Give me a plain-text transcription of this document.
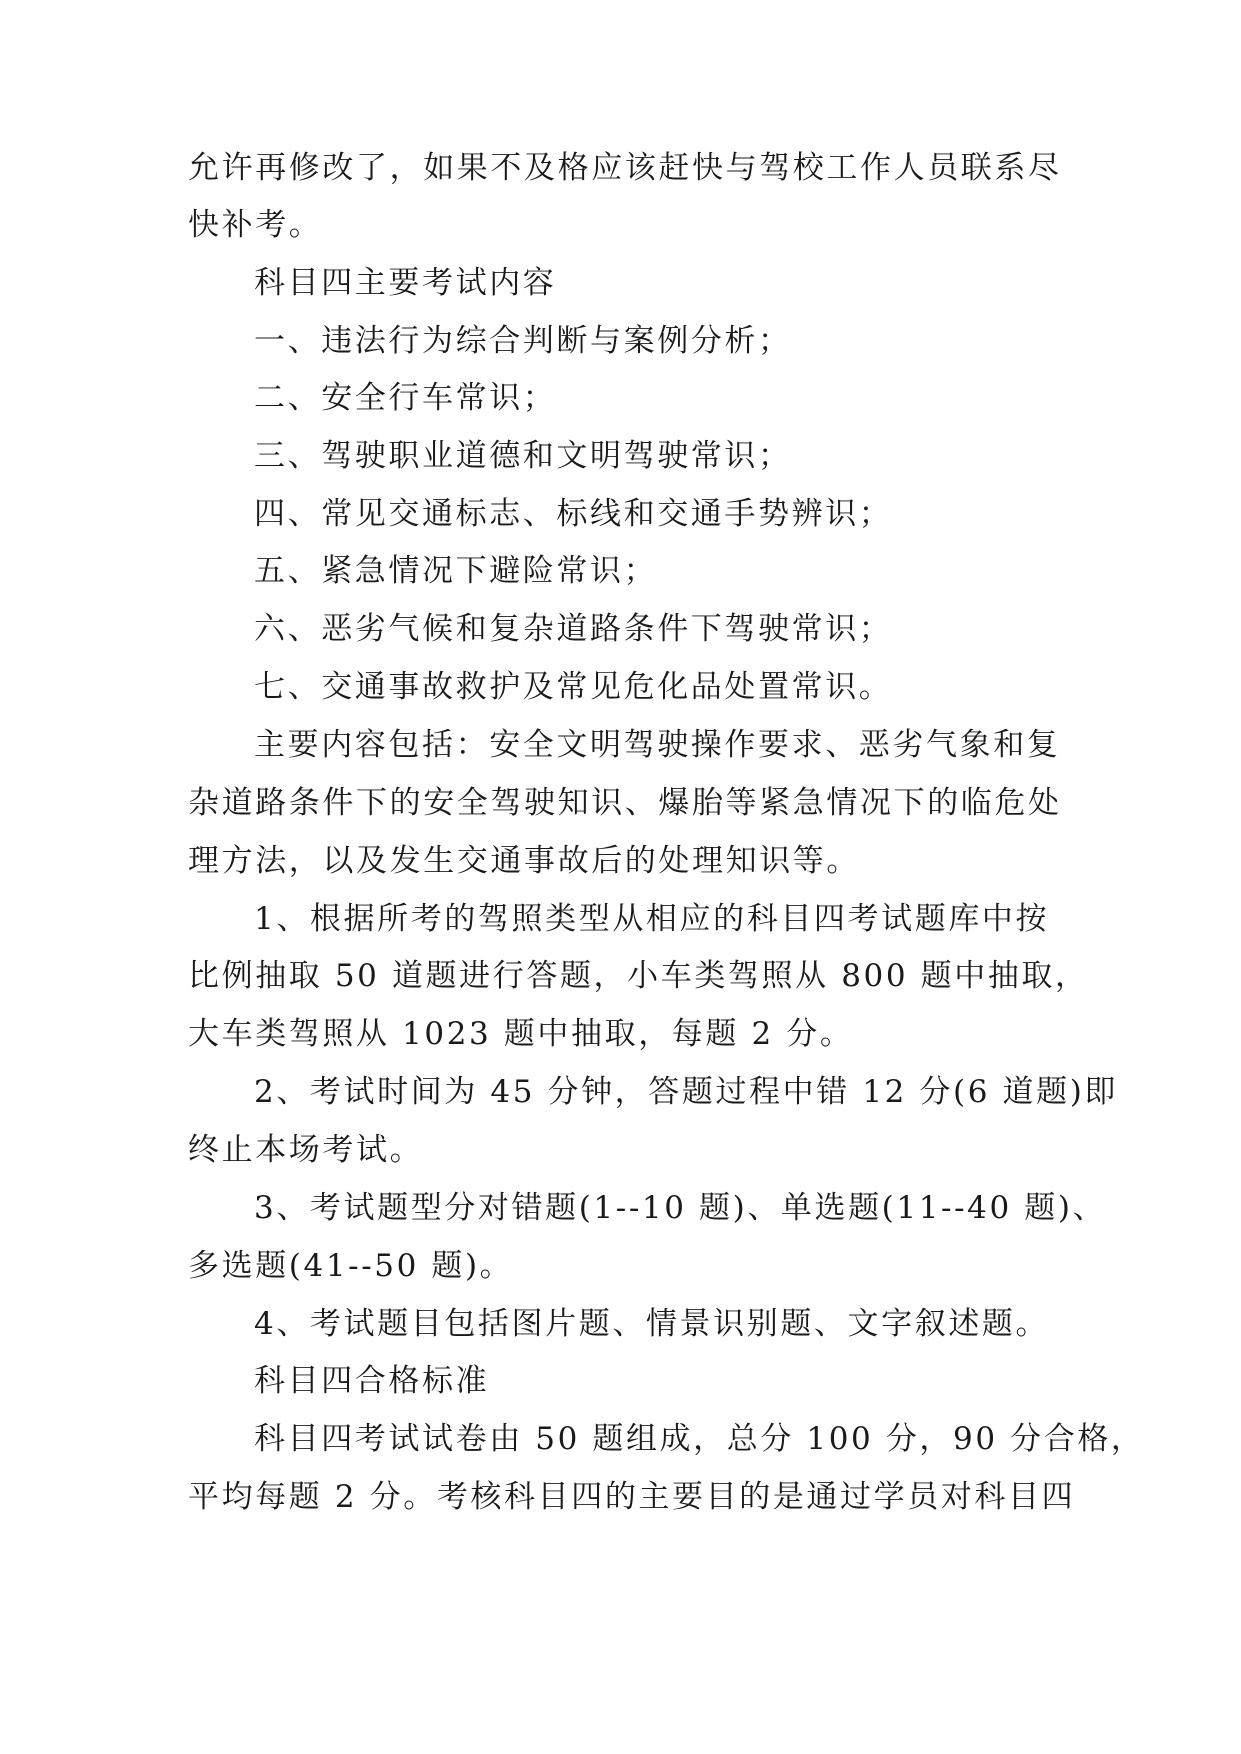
允许再修改了，如果不及格应该赶快与驾校工作人员联系尽
快补考。
科目四主要考试内容
一、违法行为综合判断与案例分析；
二、安全行车常识；
三、驾驶职业道德和文明驾驶常识；
四、常见交通标志、标线和交通手势辨识；
五、紧急情况下避险常识；
六、恶劣气候和复杂道路条件下驾驶常识；
七、交通事故救护及常见危化品处置常识。
主要内容包括：安全文明驾驶操作要求、恶劣气象和复
杂道路条件下的安全驾驶知识、爆胎等紧急情况下的临危处
理方法，以及发生交通事故后的处理知识等。
1、根据所考的驾照类型从相应的科目四考试题库中按
比例抽取 50 道题进行答题，小车类驾照从 800 题中抽取，
大车类驾照从 1023 题中抽取，每题 2 分。
2、考试时间为 45 分钟，答题过程中错 12 分(6 道题)即
终止本场考试。
3、考试题型分对错题(1--10 题)、单选题(11--40 题)、
多选题(41--50 题)。
4、考试题目包括图片题、情景识别题、文字叙述题。
科目四合格标准
科目四考试试卷由 50 题组成，总分 100 分，90 分合格，
平均每题 2 分。考核科目四的主要目的是通过学员对科目四
